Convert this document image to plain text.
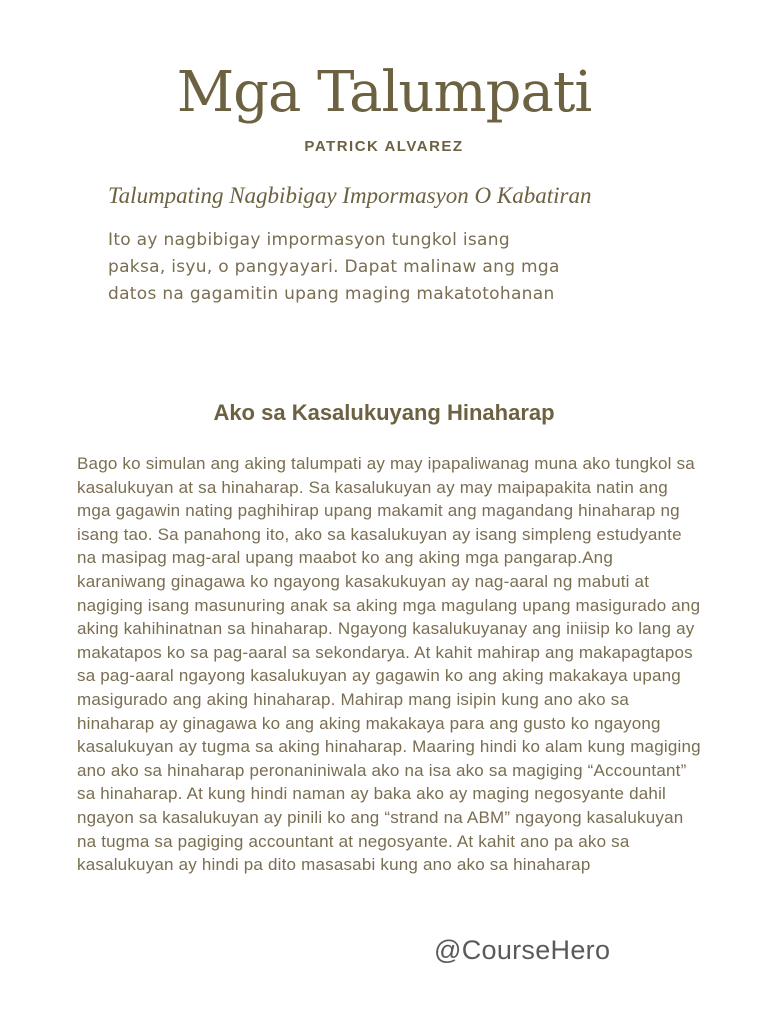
Mga Talumpati
PATRICK ALVAREZ
Talumpating Nagbibigay Impormasyon O Kabatiran
Ito ay nagbibigay impormasyon tungkol isang paksa, isyu, o pangyayari. Dapat malinaw ang mga datos na gagamitin upang maging makatotohanan
Ako sa Kasalukuyang Hinaharap
Bago ko simulan ang aking talumpati ay may ipapaliwanag muna ako tungkol sa kasalukuyan at sa hinaharap. Sa kasalukuyan ay may maipapakita natin ang mga gagawin nating paghihirap upang makamit ang magandang hinaharap ng isang tao. Sa panahong ito, ako sa kasalukuyan ay isang simpleng estudyante na masipag mag-aral upang maabot ko ang aking mga pangarap.Ang karaniwang ginagawa ko ngayong kasakukuyan ay nag-aaral ng mabuti at nagiging isang masunuring anak sa aking mga magulang upang masigurado ang aking kahihinatnan sa hinaharap. Ngayong kasalukuyanay ang iniisip ko lang ay makatapos ko sa pag-aaral sa sekondarya. At kahit mahirap ang makapagtapos sa pag-aaral ngayong kasalukuyan ay gagawin ko ang aking makakaya upang masigurado ang aking hinaharap. Mahirap mang isipin kung ano ako sa hinaharap ay ginagawa ko ang aking makakaya para ang gusto ko ngayong kasalukuyan ay tugma sa aking hinaharap. Maaring hindi ko alam kung magiging ano ako sa hinaharap peronaniniwala ako na isa ako sa magiging “Accountant” sa hinaharap. At kung hindi naman ay baka ako ay maging negosyante dahil ngayon sa kasalukuyan ay pinili ko ang “strand na ABM” ngayong kasalukuyan na tugma sa pagiging accountant at negosyante. At kahit ano pa ako sa kasalukuyan ay hindi pa dito masasabi kung ano ako sa hinaharap
@CourseHero
